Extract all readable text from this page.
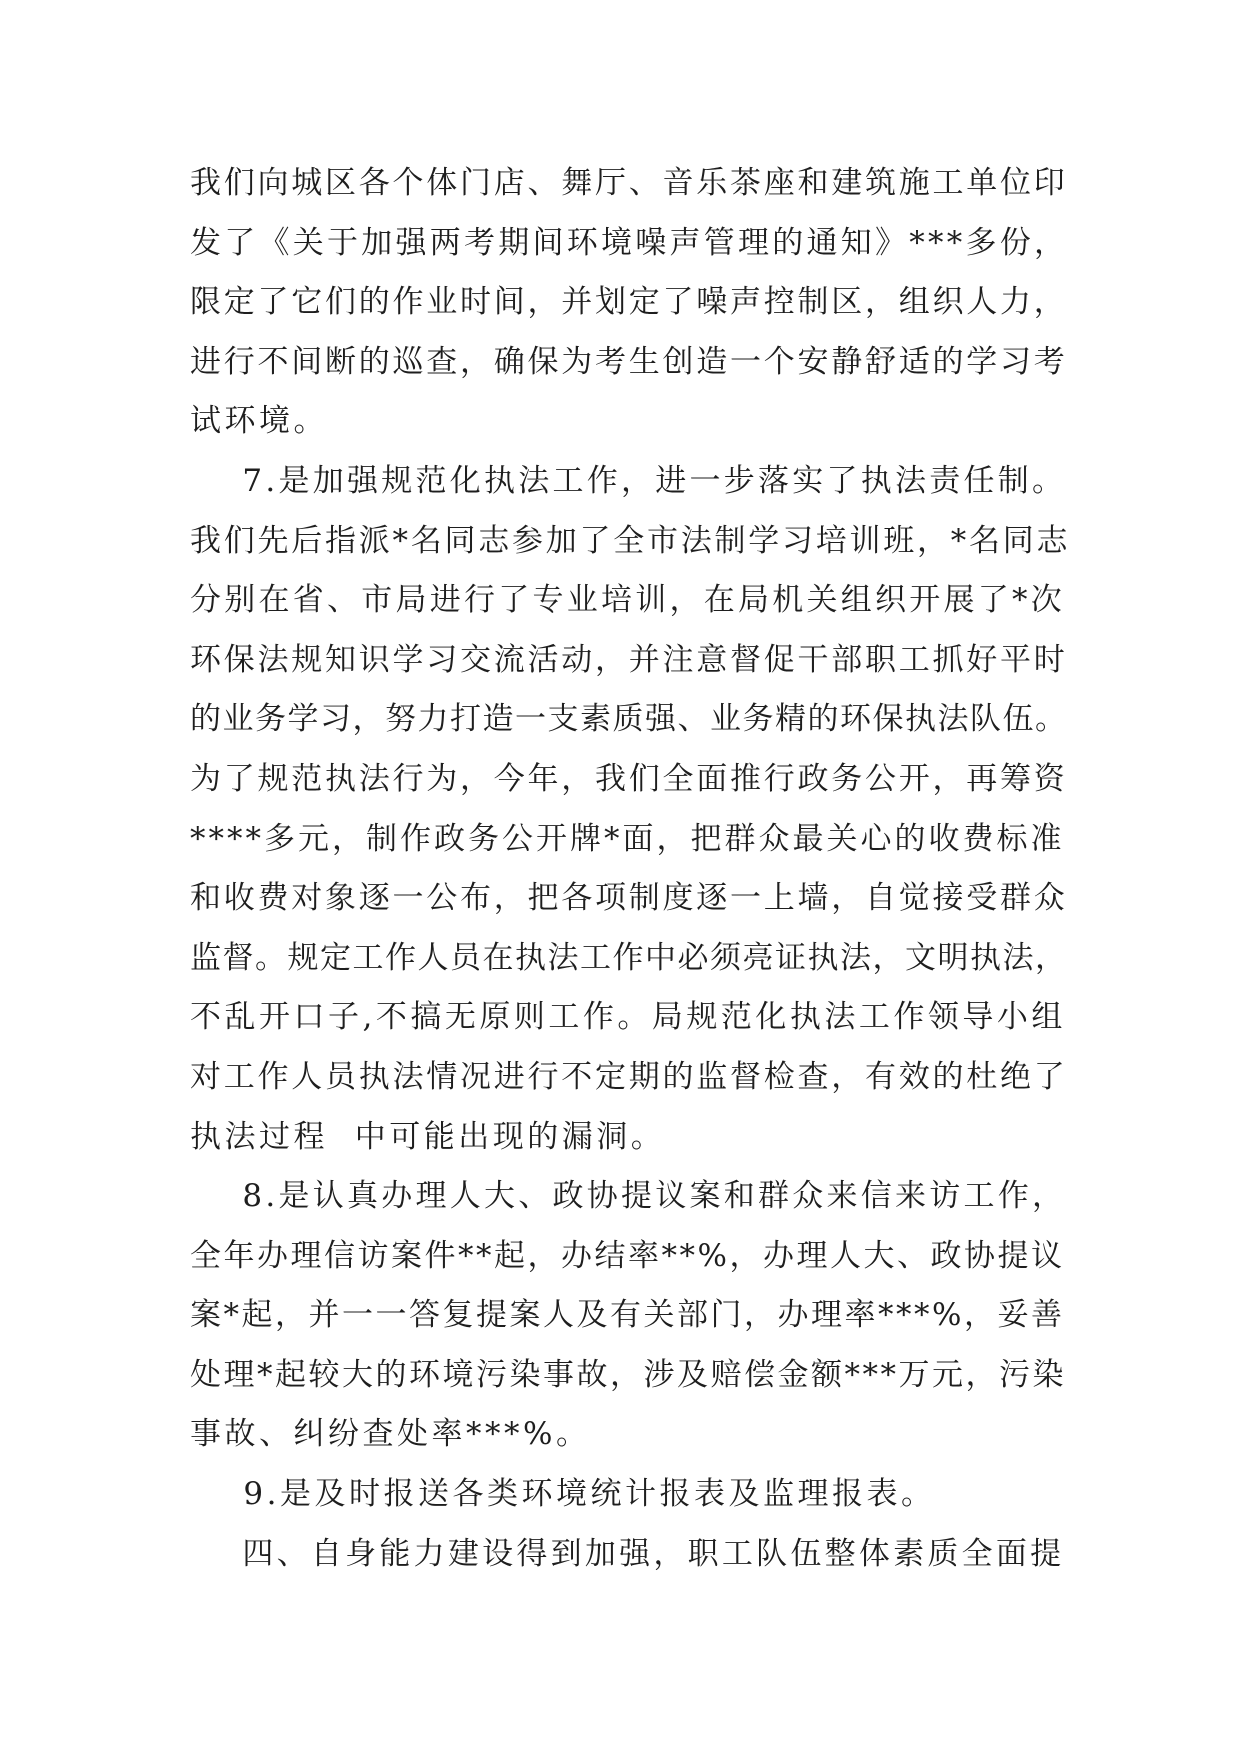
我们向城区各个体门店、舞厅、音乐茶座和建筑施工单位印
发了《关于加强两考期间环境噪声管理的通知》***多份，
限定了它们的作业时间，并划定了噪声控制区，组织人力，
进行不间断的巡查，确保为考生创造一个安静舒适的学习考
试环境。
7.是加强规范化执法工作，进一步落实了执法责任制。
我们先后指派*名同志参加了全市法制学习培训班，*名同志
分别在省、市局进行了专业培训，在局机关组织开展了*次
环保法规知识学习交流活动，并注意督促干部职工抓好平时
的业务学习，努力打造一支素质强、业务精的环保执法队伍。
为了规范执法行为，今年，我们全面推行政务公开，再筹资
****多元，制作政务公开牌*面，把群众最关心的收费标准
和收费对象逐一公布，把各项制度逐一上墙，自觉接受群众
监督。规定工作人员在执法工作中必须亮证执法，文明执法，
不乱开口子,不搞无原则工作。局规范化执法工作领导小组
对工作人员执法情况进行不定期的监督检查，有效的杜绝了
执法过程  中可能出现的漏洞。
8.是认真办理人大、政协提议案和群众来信来访工作，
全年办理信访案件**起，办结率**%，办理人大、政协提议
案*起，并一一答复提案人及有关部门，办理率***%，妥善
处理*起较大的环境污染事故，涉及赔偿金额***万元，污染
事故、纠纷查处率***%。
9.是及时报送各类环境统计报表及监理报表。
四、自身能力建设得到加强，职工队伍整体素质全面提
